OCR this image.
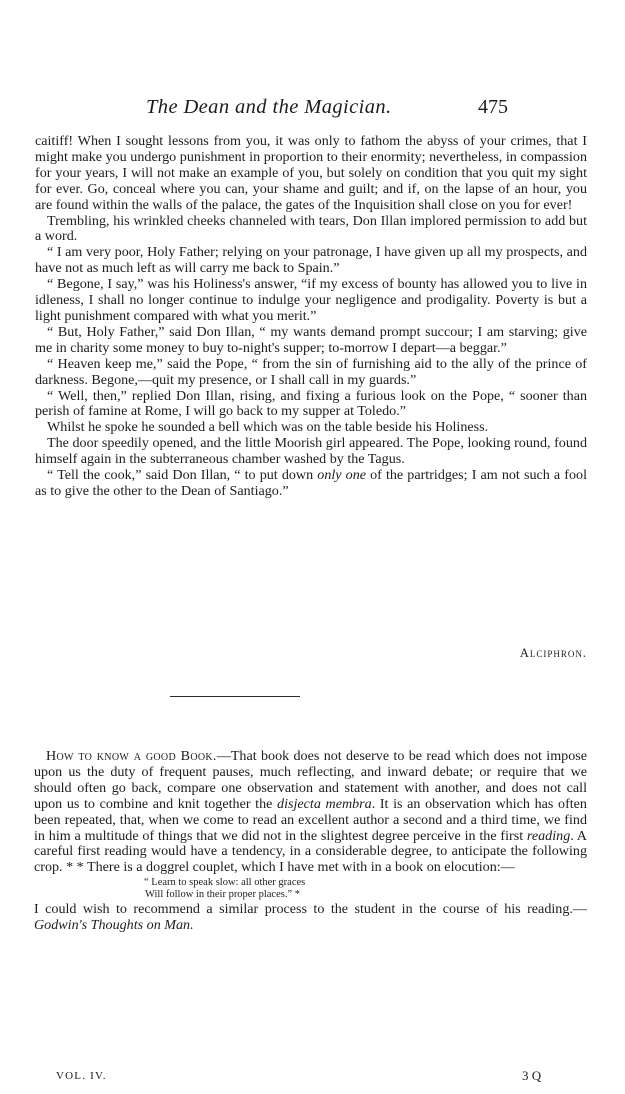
The Dean and the Magician.	475

caitiff! When I sought lessons from you, it was only to fathom the abyss of your crimes, that I might make you undergo punishment in proportion to their enormity; nevertheless, in compassion for your years, I will not make an example of you, but solely on condition that you quit my sight for ever. Go, conceal where you can, your shame and guilt; and if, on the lapse of an hour, you are found within the walls of the palace, the gates of the Inquisition shall close on you for ever!

Trembling, his wrinkled cheeks channeled with tears, Don Illan implored permission to add but a word.

“ I am very poor, Holy Father; relying on your patronage, I have given up all my prospects, and have not as much left as will carry me back to Spain.”

“ Begone, I say,” was his Holiness's answer, “if my excess of bounty has allowed you to live in idleness, I shall no longer continue to indulge your negligence and prodigality. Poverty is but a light punishment compared with what you merit.”

“ But, Holy Father,” said Don Illan, “ my wants demand prompt succour; I am starving; give me in charity some money to buy to-night's supper; to-morrow I depart—a beggar.”

“ Heaven keep me,” said the Pope, “ from the sin of furnishing aid to the ally of the prince of darkness. Begone,—quit my presence, or I shall call in my guards.”

“ Well, then,” replied Don Illan, rising, and fixing a furious look on the Pope, “ sooner than perish of famine at Rome, I will go back to my supper at Toledo.”

Whilst he spoke he sounded a bell which was on the table beside his Holiness.

The door speedily opened, and the little Moorish girl appeared. The Pope, looking round, found himself again in the subterraneous chamber washed by the Tagus.

“ Tell the cook,” said Don Illan, “ to put down only one of the partridges; I am not such a fool as to give the other to the Dean of Santiago.”

Alciphron.

How to know a good Book.—That book does not deserve to be read which does not impose upon us the duty of frequent pauses, much reflecting, and inward debate; or require that we should often go back, compare one observation and statement with another, and does not call upon us to combine and knit together the disjecta membra. It is an observation which has often been repeated, that, when we come to read an excellent author a second and a third time, we find in him a multitude of things that we did not in the slightest degree perceive in the first reading. A careful first reading would have a tendency, in a considerable degree, to anticipate the following crop. * * There is a doggrel couplet, which I have met with in a book on elocution:—

“ Learn to speak slow: all other graces
Will follow in their proper places.” *

I could wish to recommend a similar process to the student in the course of his reading.—Godwin's Thoughts on Man.

VOL. IV.	3 Q
